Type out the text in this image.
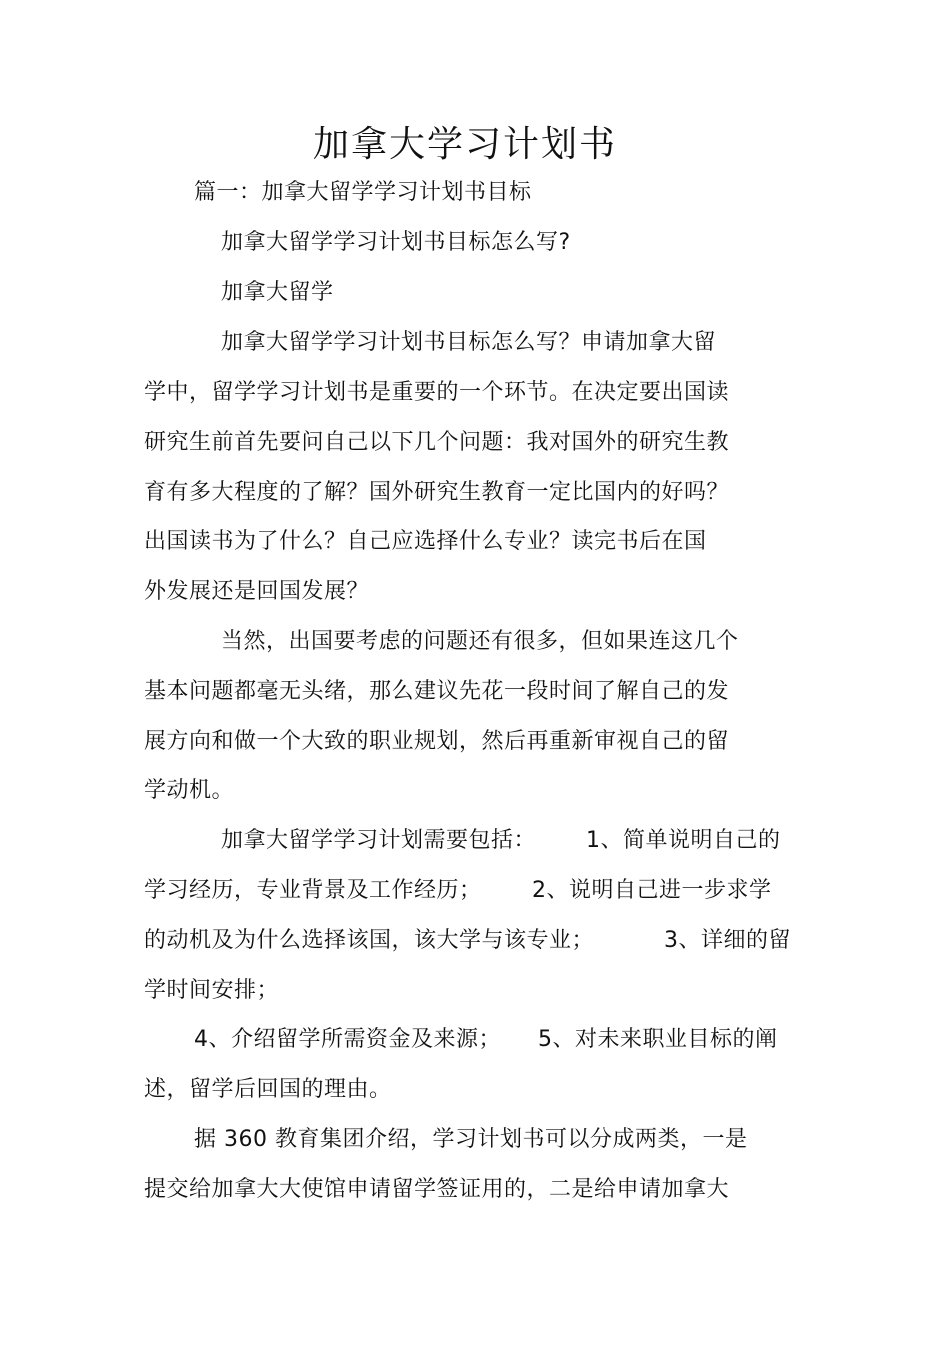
加拿大学习计划书
篇一：加拿大留学学习计划书目标
加拿大留学学习计划书目标怎么写?
加拿大留学
加拿大留学学习计划书目标怎么写？申请加拿大留
学中，留学学习计划书是重要的一个环节。在决定要出国读
研究生前首先要问自己以下几个问题：我对国外的研究生教
育有多大程度的了解？国外研究生教育一定比国内的好吗？
出国读书为了什么？自己应选择什么专业？读完书后在国
外发展还是回国发展？
当然，出国要考虑的问题还有很多，但如果连这几个
基本问题都毫无头绪，那么建议先花一段时间了解自己的发
展方向和做一个大致的职业规划，然后再重新审视自己的留
学动机。
加拿大留学学习计划需要包括： 1、简单说明自己的
学习经历，专业背景及工作经历； 2、说明自己进一步求学
的动机及为什么选择该国，该大学与该专业；	3、详细的留
学时间安排；
4、介绍留学所需资金及来源； 5、对未来职业目标的阐
述，留学后回国的理由。
据 360 教育集团介绍，学习计划书可以分成两类，一是
提交给加拿大大使馆申请留学签证用的，二是给申请加拿大
